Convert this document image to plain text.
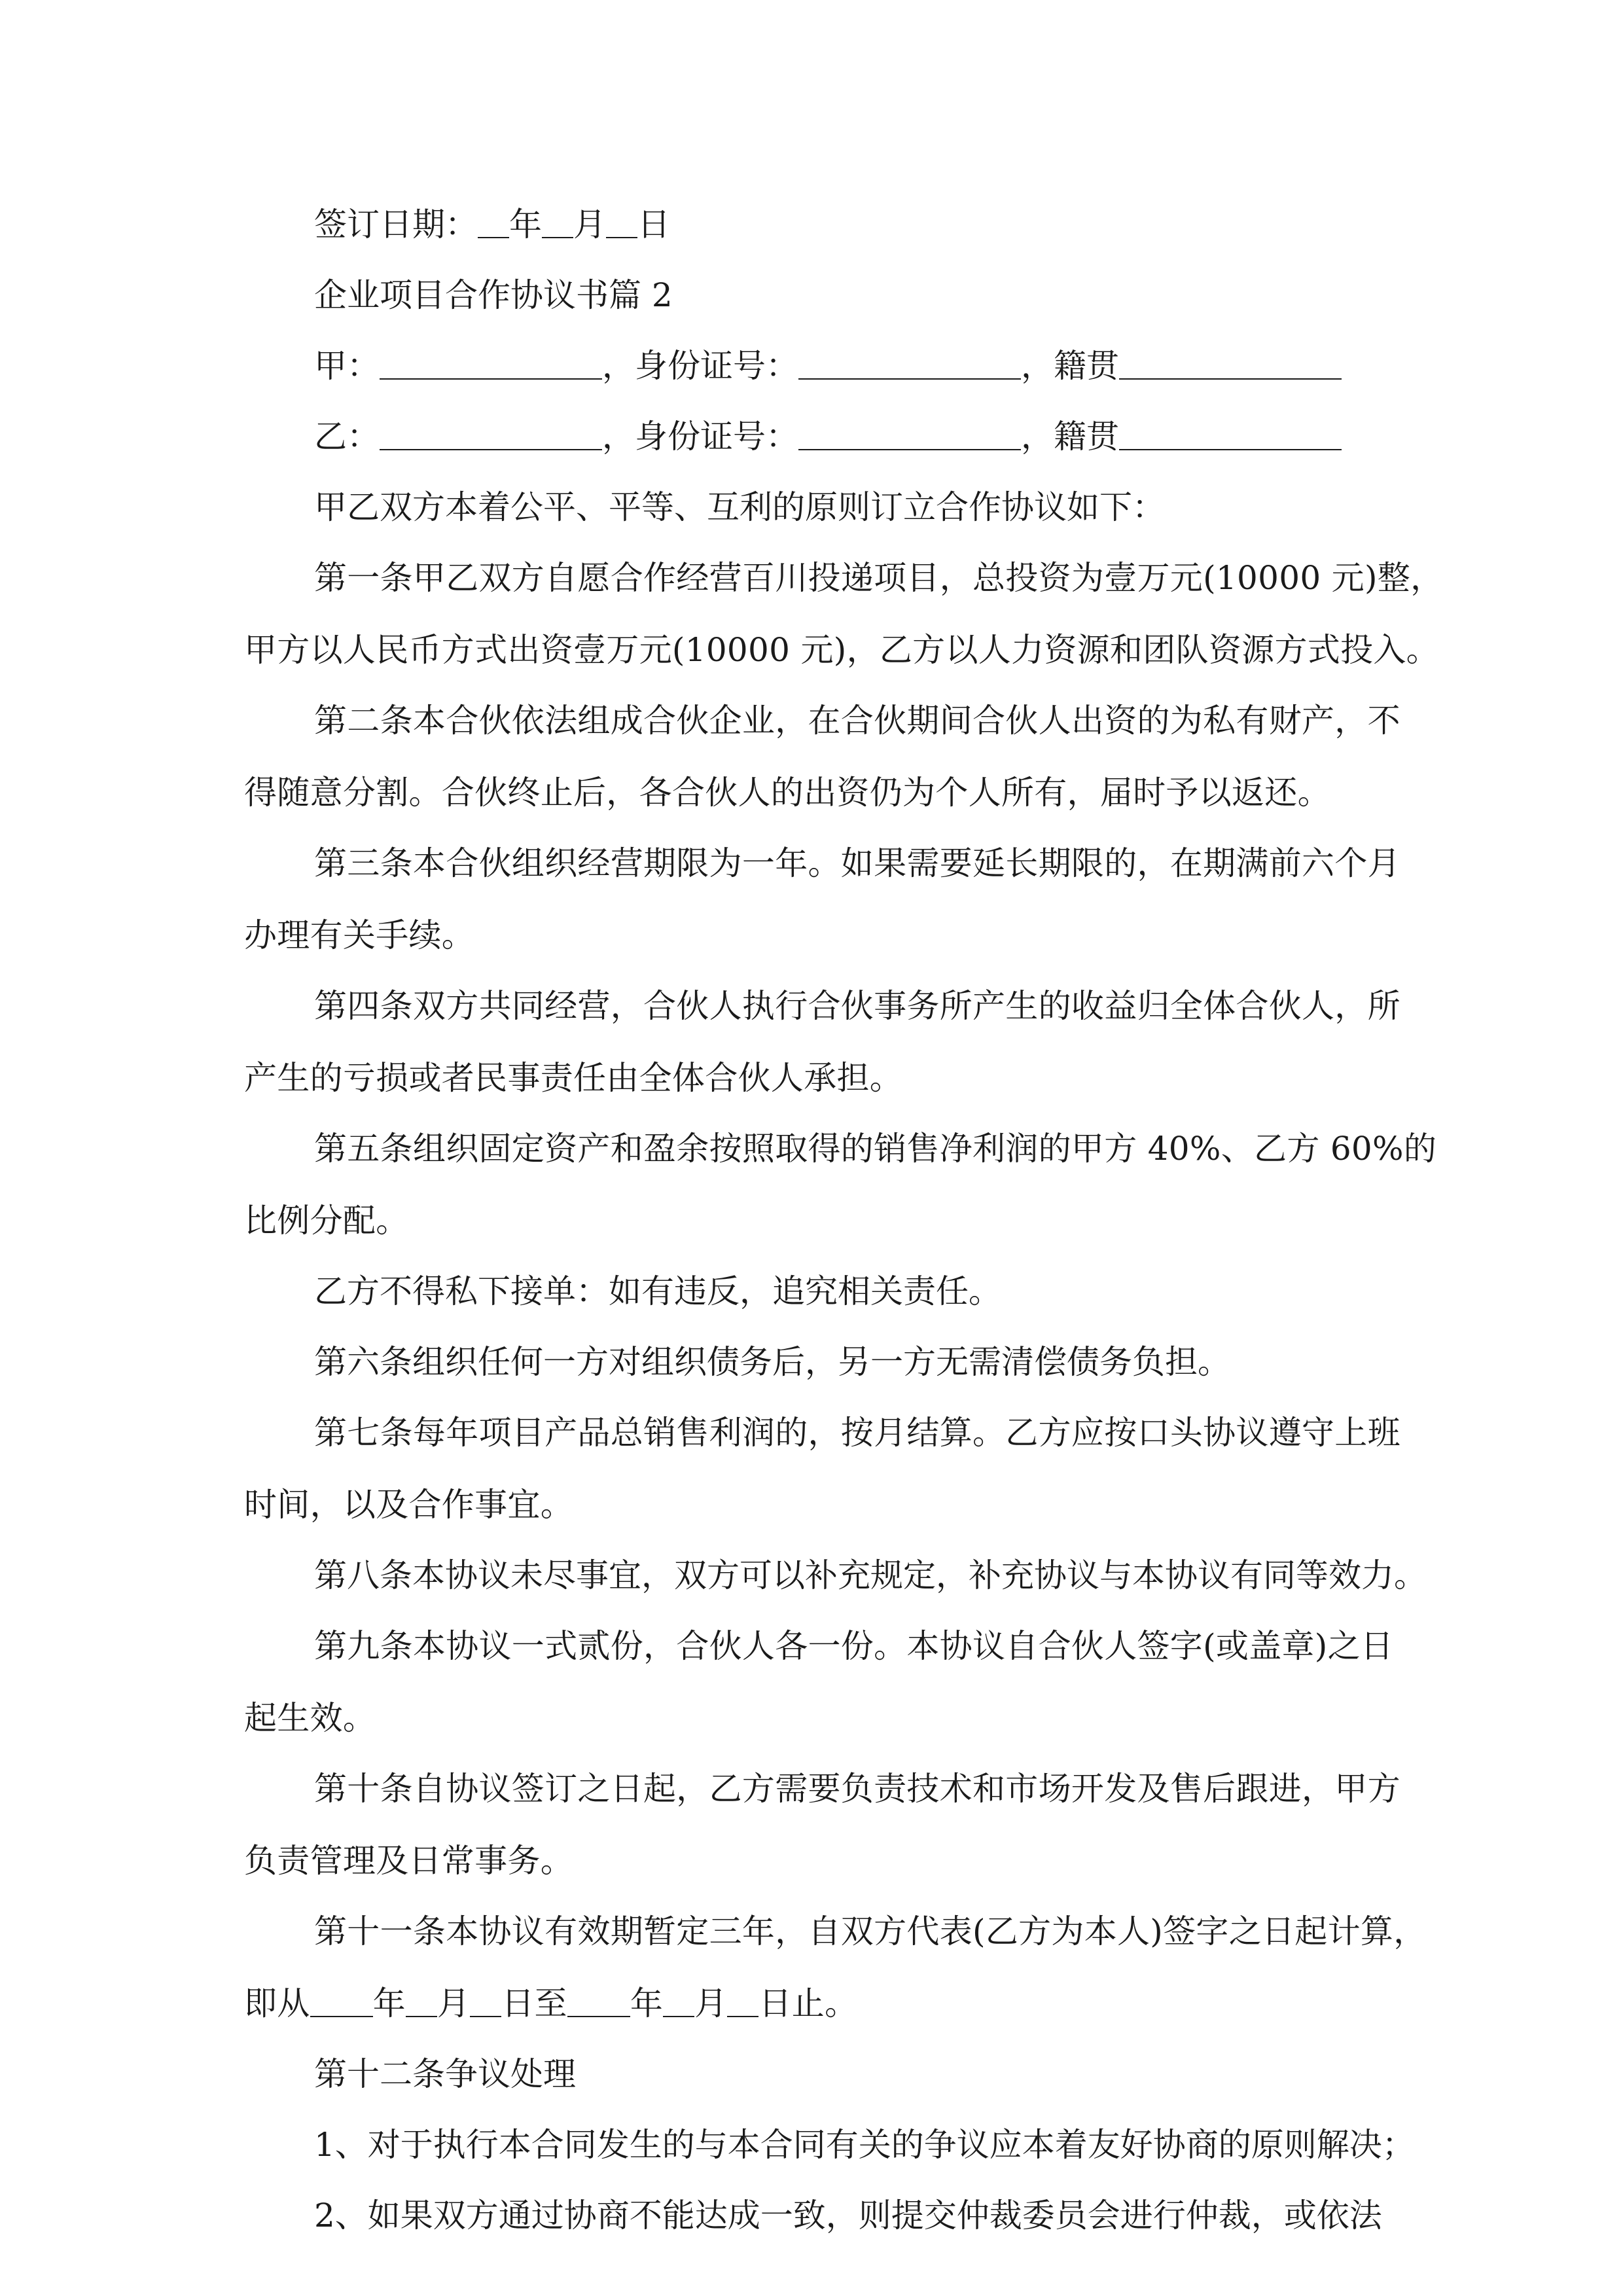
签订日期： 年 月 日
企业项目合作协议书篇 2
甲：	，身份证号：	，籍贯
乙：	，身份证号：	，籍贯
甲乙双方本着公平、平等、互利的原则订立合作协议如下：
第一条甲乙双方自愿合作经营百川投递项目，总投资为壹万元(10000 元)整，
甲方以人民币方式出资壹万元(10000 元)，乙方以人力资源和团队资源方式投入。
第二条本合伙依法组成合伙企业，在合伙期间合伙人出资的为私有财产，不
得随意分割。合伙终止后，各合伙人的出资仍为个人所有，届时予以返还。
第三条本合伙组织经营期限为一年。如果需要延长期限的，在期满前六个月
办理有关手续。
第四条双方共同经营，合伙人执行合伙事务所产生的收益归全体合伙人，所
产生的亏损或者民事责任由全体合伙人承担。
第五条组织固定资产和盈余按照取得的销售净利润的甲方 40%、乙方 60%的
比例分配。
乙方不得私下接单：如有违反，追究相关责任。
第六条组织任何一方对组织债务后，另一方无需清偿债务负担。
第七条每年项目产品总销售利润的，按月结算。乙方应按口头协议遵守上班
时间，以及合作事宜。
第八条本协议未尽事宜，双方可以补充规定，补充协议与本协议有同等效力。
第九条本协议一式贰份，合伙人各一份。本协议自合伙人签字(或盖章)之日
起生效。
第十条自协议签订之日起，乙方需要负责技术和市场开发及售后跟进，甲方
负责管理及日常事务。
第十一条本协议有效期暂定三年，自双方代表(乙方为本人)签字之日起计算，
即从 年 月 日至 年 月 日止。
第十二条争议处理
1、对于执行本合同发生的与本合同有关的争议应本着友好协商的原则解决；
2、如果双方通过协商不能达成一致，则提交仲裁委员会进行仲裁，或依法
